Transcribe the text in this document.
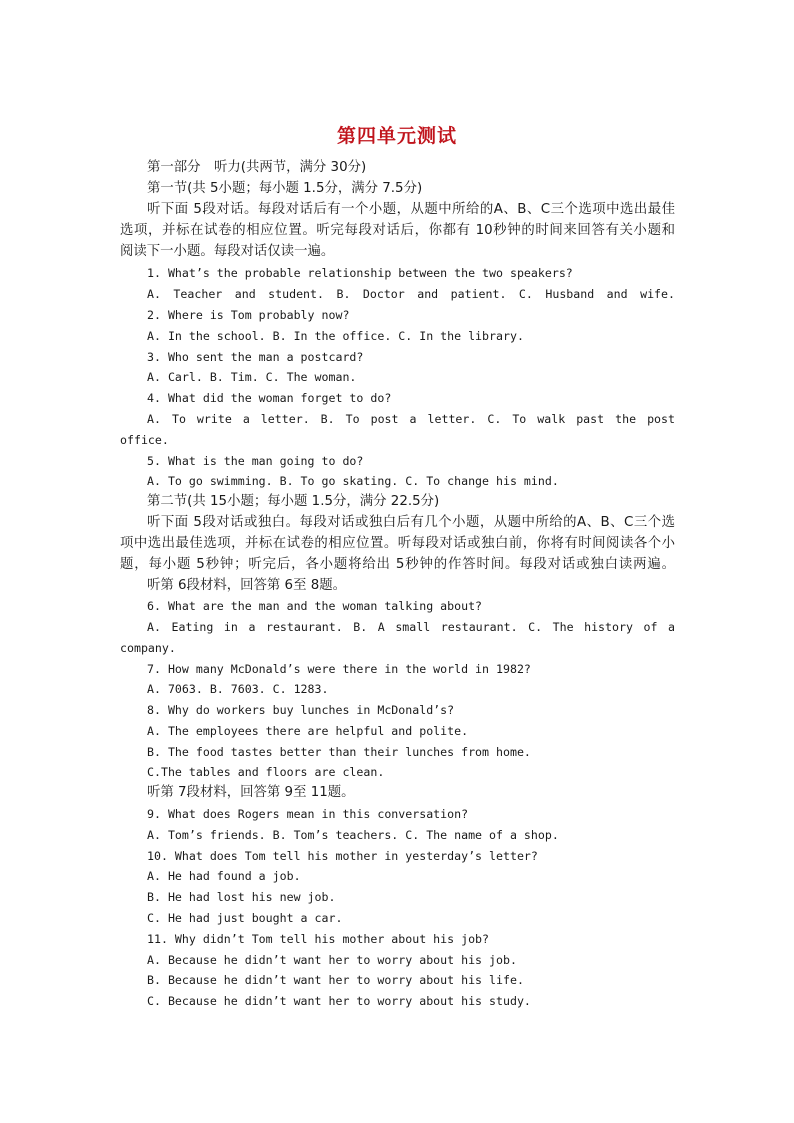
第四单元测试
第一部分　听力(共两节，满分 30分)
第一节(共 5小题；每小题 1.5分，满分 7.5分)
听下面 5段对话。每段对话后有一个小题，从题中所给的A、B、C三个选项中选出最佳
选项，并标在试卷的相应位置。听完每段对话后，你都有 10秒钟的时间来回答有关小题和
阅读下一小题。每段对话仅读一遍。
1. What’s the probable relationship between the two speakers?
A. Teacher and student. B. Doctor and patient. C. Husband and wife.
2. Where is Tom probably now?
A. In the school. B. In the office. C. In the library.
3. Who sent the man a postcard?
A. Carl. B. Tim. C. The woman.
4. What did the woman forget to do?
A. To write a letter. B. To post a letter. C. To walk past the post
office.
5. What is the man going to do?
A. To go swimming. B. To go skating. C. To change his mind.
第二节(共 15小题；每小题 1.5分，满分 22.5分)
听下面 5段对话或独白。每段对话或独白后有几个小题，从题中所给的A、B、C三个选
项中选出最佳选项，并标在试卷的相应位置。听每段对话或独白前，你将有时间阅读各个小
题，每小题 5秒钟；听完后，各小题将给出 5秒钟的作答时间。每段对话或独白读两遍。
听第 6段材料，回答第 6至 8题。
6. What are the man and the woman talking about?
A. Eating in a restaurant. B. A small restaurant. C. The history of a
company.
7. How many McDonald’s were there in the world in 1982?
A. 7063. B. 7603. C. 1283.
8. Why do workers buy lunches in McDonald’s?
A. The employees there are helpful and polite.
B. The food tastes better than their lunches from home.
C.The tables and floors are clean.
听第 7段材料，回答第 9至 11题。
9. What does Rogers mean in this conversation?
A. Tom’s friends. B. Tom’s teachers. C. The name of a shop.
10. What does Tom tell his mother in yesterday’s letter?
A. He had found a job.
B. He had lost his new job.
C. He had just bought a car.
11. Why didn’t Tom tell his mother about his job?
A. Because he didn’t want her to worry about his job.
B. Because he didn’t want her to worry about his life.
C. Because he didn’t want her to worry about his study.
